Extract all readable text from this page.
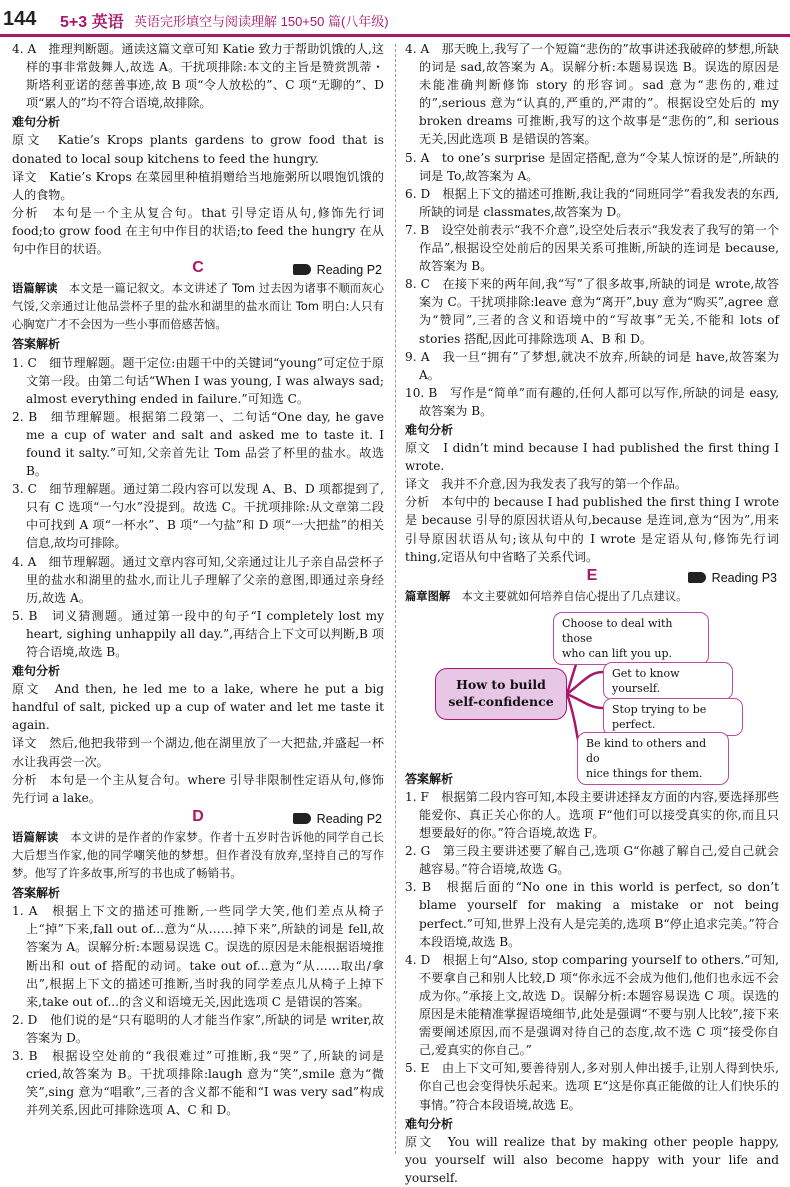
144 5+3 英语 英语完形填空与阅读理解 150+50 篇(八年级)

4. A　推理判断题。通读这篇文章可知 Katie 致力于帮助饥饿的人,这样的事非常鼓舞人,故选 A。干扰项排除:本文的主旨是赞赏凯蒂・斯塔利亚诺的慈善事迹,故 B 项“令人放松的”、C 项“无聊的”、D 项“累人的”均不符合语境,故排除。

难句分析

原文　Katie’s Krops plants gardens to grow food that is donated to local soup kitchens to feed the hungry.

译文　Katie’s Krops 在菜园里种植捐赠给当地施粥所以喂饱饥饿的人的食物。

分析　本句是一个主从复合句。that 引导定语从句,修饰先行词 food;to grow food 在主句中作目的状语;to feed the hungry 在从句中作目的状语。

C	Reading P2

语篇解读　 本文是一篇记叙文。本文讲述了 Tom 过去因为诸事不顺而灰心气馁,父亲通过让他品尝杯子里的盐水和湖里的盐水而让 Tom 明白:人只有心胸宽广才不会因为一些小事而倍感苦恼。

答案解析

1. C　细节理解题。题干定位:由题干中的关键词“young”可定位于原文第一段。由第二句话“When I was young, I was always sad; almost everything ended in failure.”可知选 C。

2. B　细节理解题。根据第二段第一、二句话“One day, he gave me a cup of water and salt and asked me to taste it. I found it salty.”可知,父亲首先让 Tom 品尝了杯里的盐水。故选 B。

3. C　细节理解题。通过第二段内容可以发现 A、B、D 项都提到了,只有 C 选项“一勺水”没提到。故选 C。干扰项排除:从文章第二段中可找到 A 项“一杯水”、B 项“一勺盐”和 D 项“一大把盐”的相关信息,故均可排除。

4. A　细节理解题。通过文章内容可知,父亲通过让儿子亲自品尝杯子里的盐水和湖里的盐水,而让儿子理解了父亲的意图,即通过亲身经历,故选 A。

5. B　词义猜测题。通过第一段中的句子“I completely lost my heart, sighing unhappily all day.”,再结合上下文可以判断,B 项符合语境,故选 B。

难句分析

原文　And then, he led me to a lake, where he put a big handful of salt, picked up a cup of water and let me taste it again.

译文　然后,他把我带到一个湖边,他在湖里放了一大把盐,并盛起一杯水让我再尝一次。

分析　本句是一个主从复合句。where 引导非限制性定语从句,修饰先行词 a lake。

D	Reading P2

语篇解读　 本文讲的是作者的作家梦。作者十五岁时告诉他的同学自己长大后想当作家,他的同学嘲笑他的梦想。但作者没有放弃,坚持自己的写作梦。他写了许多故事,所写的书也成了畅销书。

答案解析

1. A　根据上下文的描述可推断,一些同学大笑,他们差点从椅子上“掉”下来,fall out of...意为“从……掉下来”,所缺的词是 fell,故答案为 A。误解分析:本题易误选 C。误选的原因是未能根据语境推断出和 out of 搭配的动词。take out of...意为“从……取出/拿出”,根据上下文的描述可推断,当时我的同学差点儿从椅子上掉下来,take out of...的含义和语境无关,因此选项 C 是错误的答案。

2. D　他们说的是“只有聪明的人才能当作家”,所缺的词是 writer,故答案为 D。

3. B　根据设空处前的“我很难过”可推断,我“哭”了,所缺的词是 cried,故答案为 B。干扰项排除:laugh 意为“笑”,smile 意为“微笑”,sing 意为“唱歌”,三者的含义都不能和“I was very sad”构成并列关系,因此可排除选项 A、C 和 D。

4. A　那天晚上,我写了一个短篇“悲伤的”故事讲述我破碎的梦想,所缺的词是 sad,故答案为 A。误解分析:本题易误选 B。误选的原因是未能准确判断修饰 story 的形容词。sad 意为“悲伤的,难过的”,serious 意为“认真的,严重的,严肃的”。根据设空处后的 my broken dreams 可推断,我写的这个故事是“悲伤的”,和 serious 无关,因此选项 B 是错误的答案。

5. A　to one’s surprise 是固定搭配,意为“令某人惊讶的是”,所缺的词是 To,故答案为 A。

6. D　根据上下文的描述可推断,我让我的“同班同学”看我发表的东西,所缺的词是 classmates,故答案为 D。

7. B　设空处前表示“我不介意”,设空处后表示“我发表了我写的第一个作品”,根据设空处前后的因果关系可推断,所缺的连词是 because,故答案为 B。

8. C　在接下来的两年间,我“写”了很多故事,所缺的词是 wrote,故答案为 C。干扰项排除:leave 意为“离开”,buy 意为“购买”,agree 意为“赞同”,三者的含义和语境中的“写故事”无关,不能和 lots of stories 搭配,因此可排除选项 A、B 和 D。

9. A　我一旦“拥有”了梦想,就决不放弃,所缺的词是 have,故答案为 A。

10. B　写作是“简单”而有趣的,任何人都可以写作,所缺的词是 easy,故答案为 B。

难句分析

原文　I didn’t mind because I had published the first thing I wrote.

译文　我并不介意,因为我发表了我写的第一个作品。

分析　本句中的 because I had published the first thing I wrote 是 because 引导的原因状语从句,because 是连词,意为“因为”,用来引导原因状语从句;该从句中的 I wrote 是定语从句,修饰先行词 thing,定语从句中省略了关系代词。

E	Reading P3

篇章图解　 本文主要就如何培养自信心提出了几点建议。

How to build
self-confidence
Choose to deal with those
who can lift you up.
Get to know yourself.
Stop trying to be perfect.
Be kind to others and do
nice things for them.
答案解析

1. F　根据第二段内容可知,本段主要讲述择友方面的内容,要选择那些能爱你、真正关心你的人。选项 F“他们可以接受真实的你,而且只想要最好的你。”符合语境,故选 F。

2. G　第三段主要讲述要了解自己,选项 G“你越了解自己,爱自己就会越容易。”符合语境,故选 G。

3. B　根据后面的“No one in this world is perfect, so don’t blame yourself for making a mistake or not being perfect.”可知,世界上没有人是完美的,选项 B“停止追求完美。”符合本段语境,故选 B。

4. D　根据上句“Also, stop comparing yourself to others.”可知,不要拿自己和别人比较,D 项“你永远不会成为他们,他们也永远不会成为你。”承接上文,故选 D。误解分析:本题容易误选 C 项。误选的原因是未能精准掌握语境细节,此处是强调“不要与别人比较”,接下来需要阐述原因,而不是强调对待自己的态度,故不选 C 项“接受你自己,爱真实的你自己。”

5. E　由上下文可知,要善待别人,多对别人伸出援手,让别人得到快乐,你自己也会变得快乐起来。选项 E“这是你真正能做的让人们快乐的事情。”符合本段语境,故选 E。

难句分析

原文　You will realize that by making other people happy, you yourself will also become happy with your life and yourself.
